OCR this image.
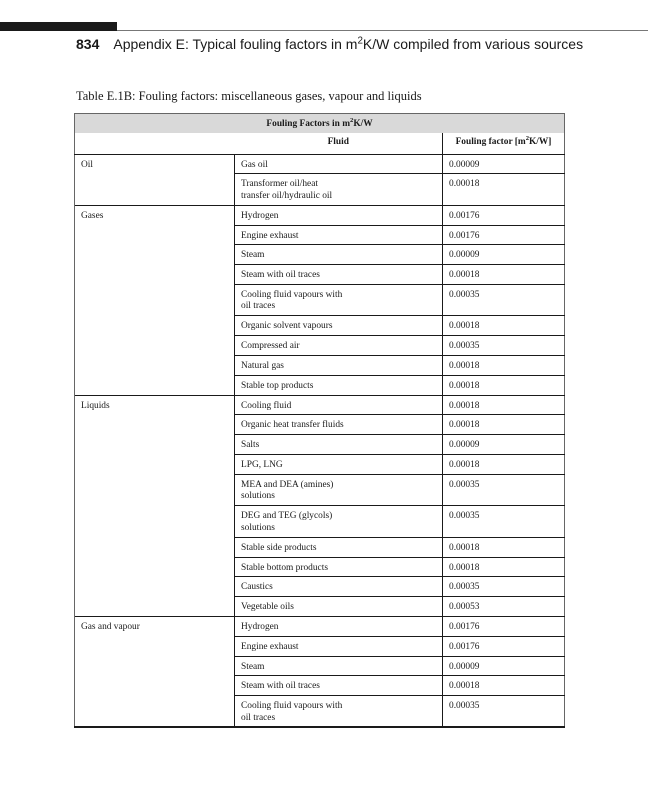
834 Appendix E: Typical fouling factors in $m^2K/W$ compiled from various sources
Table E.1B: Fouling factors: miscellaneous gases, vapour and liquids
Fouling Factors in $m^2K/W$		
	Fluid	Fouling factor $[m^2K/W]$
Oil	Gas oil	0.00009

	Transformer oil/heat
transfer oil/hydraulic oil	0.00018
Gases	Hydrogen	0.00176

	Engine exhaust	0.00176

	Steam	0.00009

	Steam with oil traces	0.00018

	Cooling fluid vapours with
oil traces	0.00035

	Organic solvent vapours	0.00018

	Compressed air	0.00035

	Natural gas	0.00018

	Stable top products	0.00018
Liquids	Cooling fluid	0.00018

	Organic heat transfer fluids	0.00018

	Salts	0.00009

	LPG, LNG	0.00018

	MEA and DEA (amines)
solutions	0.00035

	DEG and TEG (glycols)
solutions	0.00035

	Stable side products	0.00018

	Stable bottom products	0.00018

	Caustics	0.00035

	Vegetable oils	0.00053
Gas and vapour	Hydrogen	0.00176

	Engine exhaust	0.00176

	Steam	0.00009

	Steam with oil traces	0.00018

	Cooling fluid vapours with
oil traces	0.00035
